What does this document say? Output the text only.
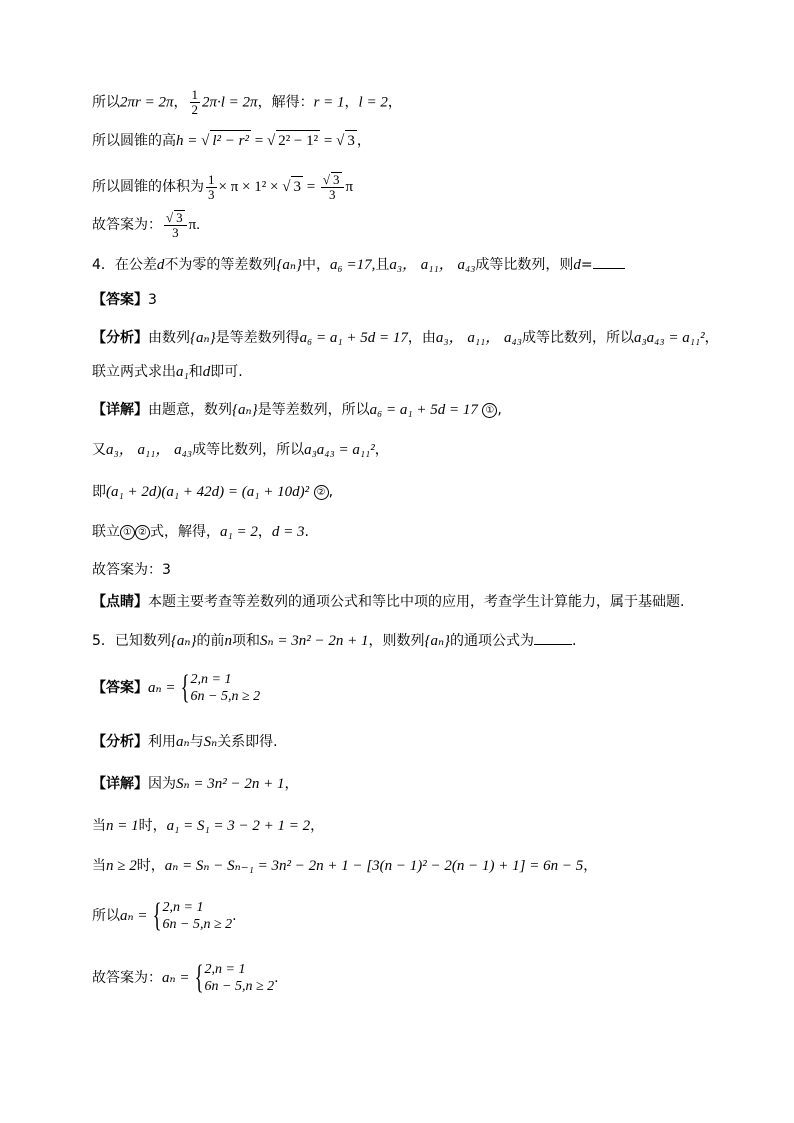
所以2πr = 2π， $\frac{1}{2} 2\pi\cdot l = 2\pi$，解得：r = 1，l = 2，
所以圆锥的高h = √ l² − r² = √ 2² − 1² = √ 3 ，
所以圆锥的体积为 $\frac{1}{3} \times \pi \times 1^2$ × √ 3 = √ $\frac{3}{3}$ π
故答案为： √ $\frac{3}{3} \pi$.
4．在公差d不为零的等差数列{aₙ}中，a₆ =17,且a₃， a₁₁， a₄₃成等比数列，则d=
【答案】3
【分析】由数列{aₙ}是等差数列得a₆ = a₁ + 5d = 17，由a₃， a₁₁， a₄₃成等比数列，所以a₃a₄₃ = a₁₁²，
联立两式求出a₁和d即可.
【详解】由题意，数列{aₙ}是等差数列，所以a₆ = a₁ + 5d = 17 ① ,
又a₃， a₁₁， a₄₃成等比数列，所以a₃a₄₃ = a₁₁²，
即(a₁ + 2d)(a₁ + 42d) = (a₁ + 10d)² ② ,
联立 ① ② 式，解得，a₁ = 2，d = 3.
故答案为：3
【点睛】本题主要考查等差数列的通项公式和等比中项的应用，考查学生计算能力，属于基础题.
5．已知数列{aₙ}的前n项和Sₙ = 3n² − 2n + 1，则数列{aₙ}的通项公式为	.
【答案】aₙ = { 2,n = 1
6n − 5,n ≥ 2
【分析】利用aₙ与Sₙ关系即得.
【详解】因为Sₙ = 3n² − 2n + 1，
当n = 1时，a₁ = S₁ = 3 − 2 + 1 = 2，
当n ≥ 2时，aₙ = Sₙ − Sₙ₋₁ = 3n² − 2n + 1 − [3(n − 1)² − 2(n − 1) + 1] = 6n − 5，
所以aₙ = { 2,n = 1
6n − 5,n ≥ 2
.
故答案为：aₙ = { 2,n = 1
6n − 5,n ≥ 2
.
